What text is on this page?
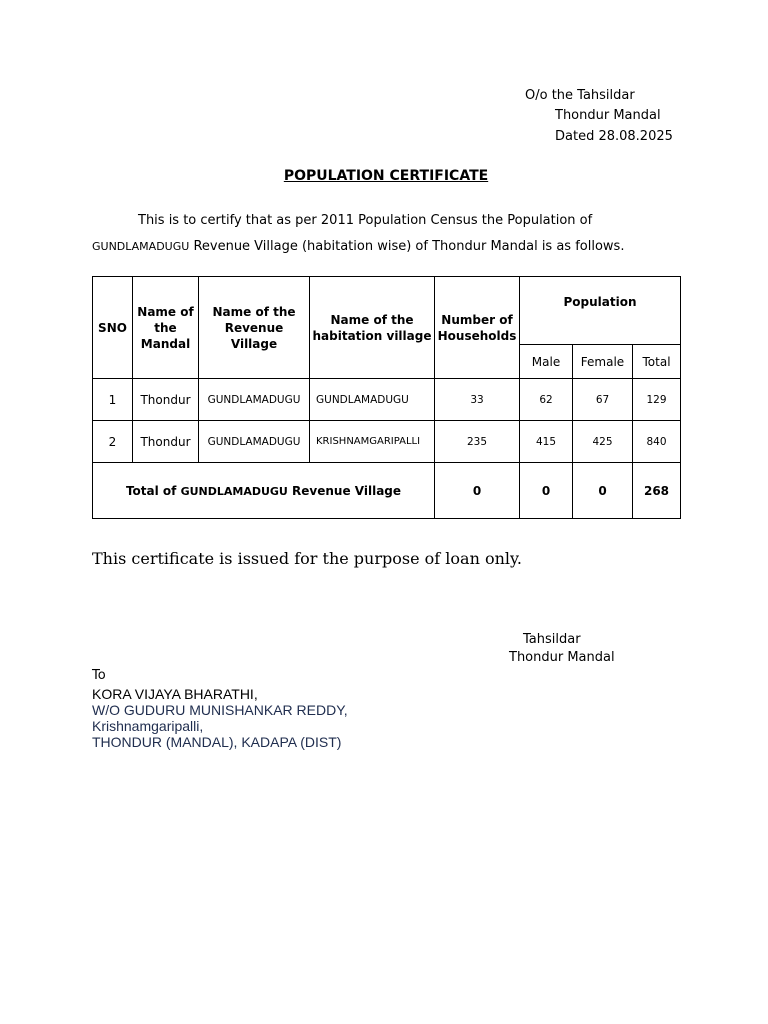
O/o the Tahsildar
Thondur Mandal
Dated 28.08.2025
POPULATION CERTIFICATE
This is to certify that as per 2011 Population Census the Population of GUNDLAMADUGU Revenue Village (habitation wise) of Thondur Mandal is as follows.
SNO	Name of the Mandal	Name of the Revenue Village	Name of the habitation village	Number of Households	Population		
					Male	Female	Total
1	Thondur	GUNDLAMADUGU	GUNDLAMADUGU	33	62	67	129
2	Thondur	GUNDLAMADUGU	KRISHNAMGARIPALLI	235	415	425	840
Total of GUNDLAMADUGU Revenue Village				0	0	0	268
This certificate is issued for the purpose of loan only.
Tahsildar
Thondur Mandal
To
KORA VIJAYA BHARATHI,
W/O GUDURU MUNISHANKAR REDDY,
Krishnamgaripalli,
THONDUR (MANDAL), KADAPA (DIST)
